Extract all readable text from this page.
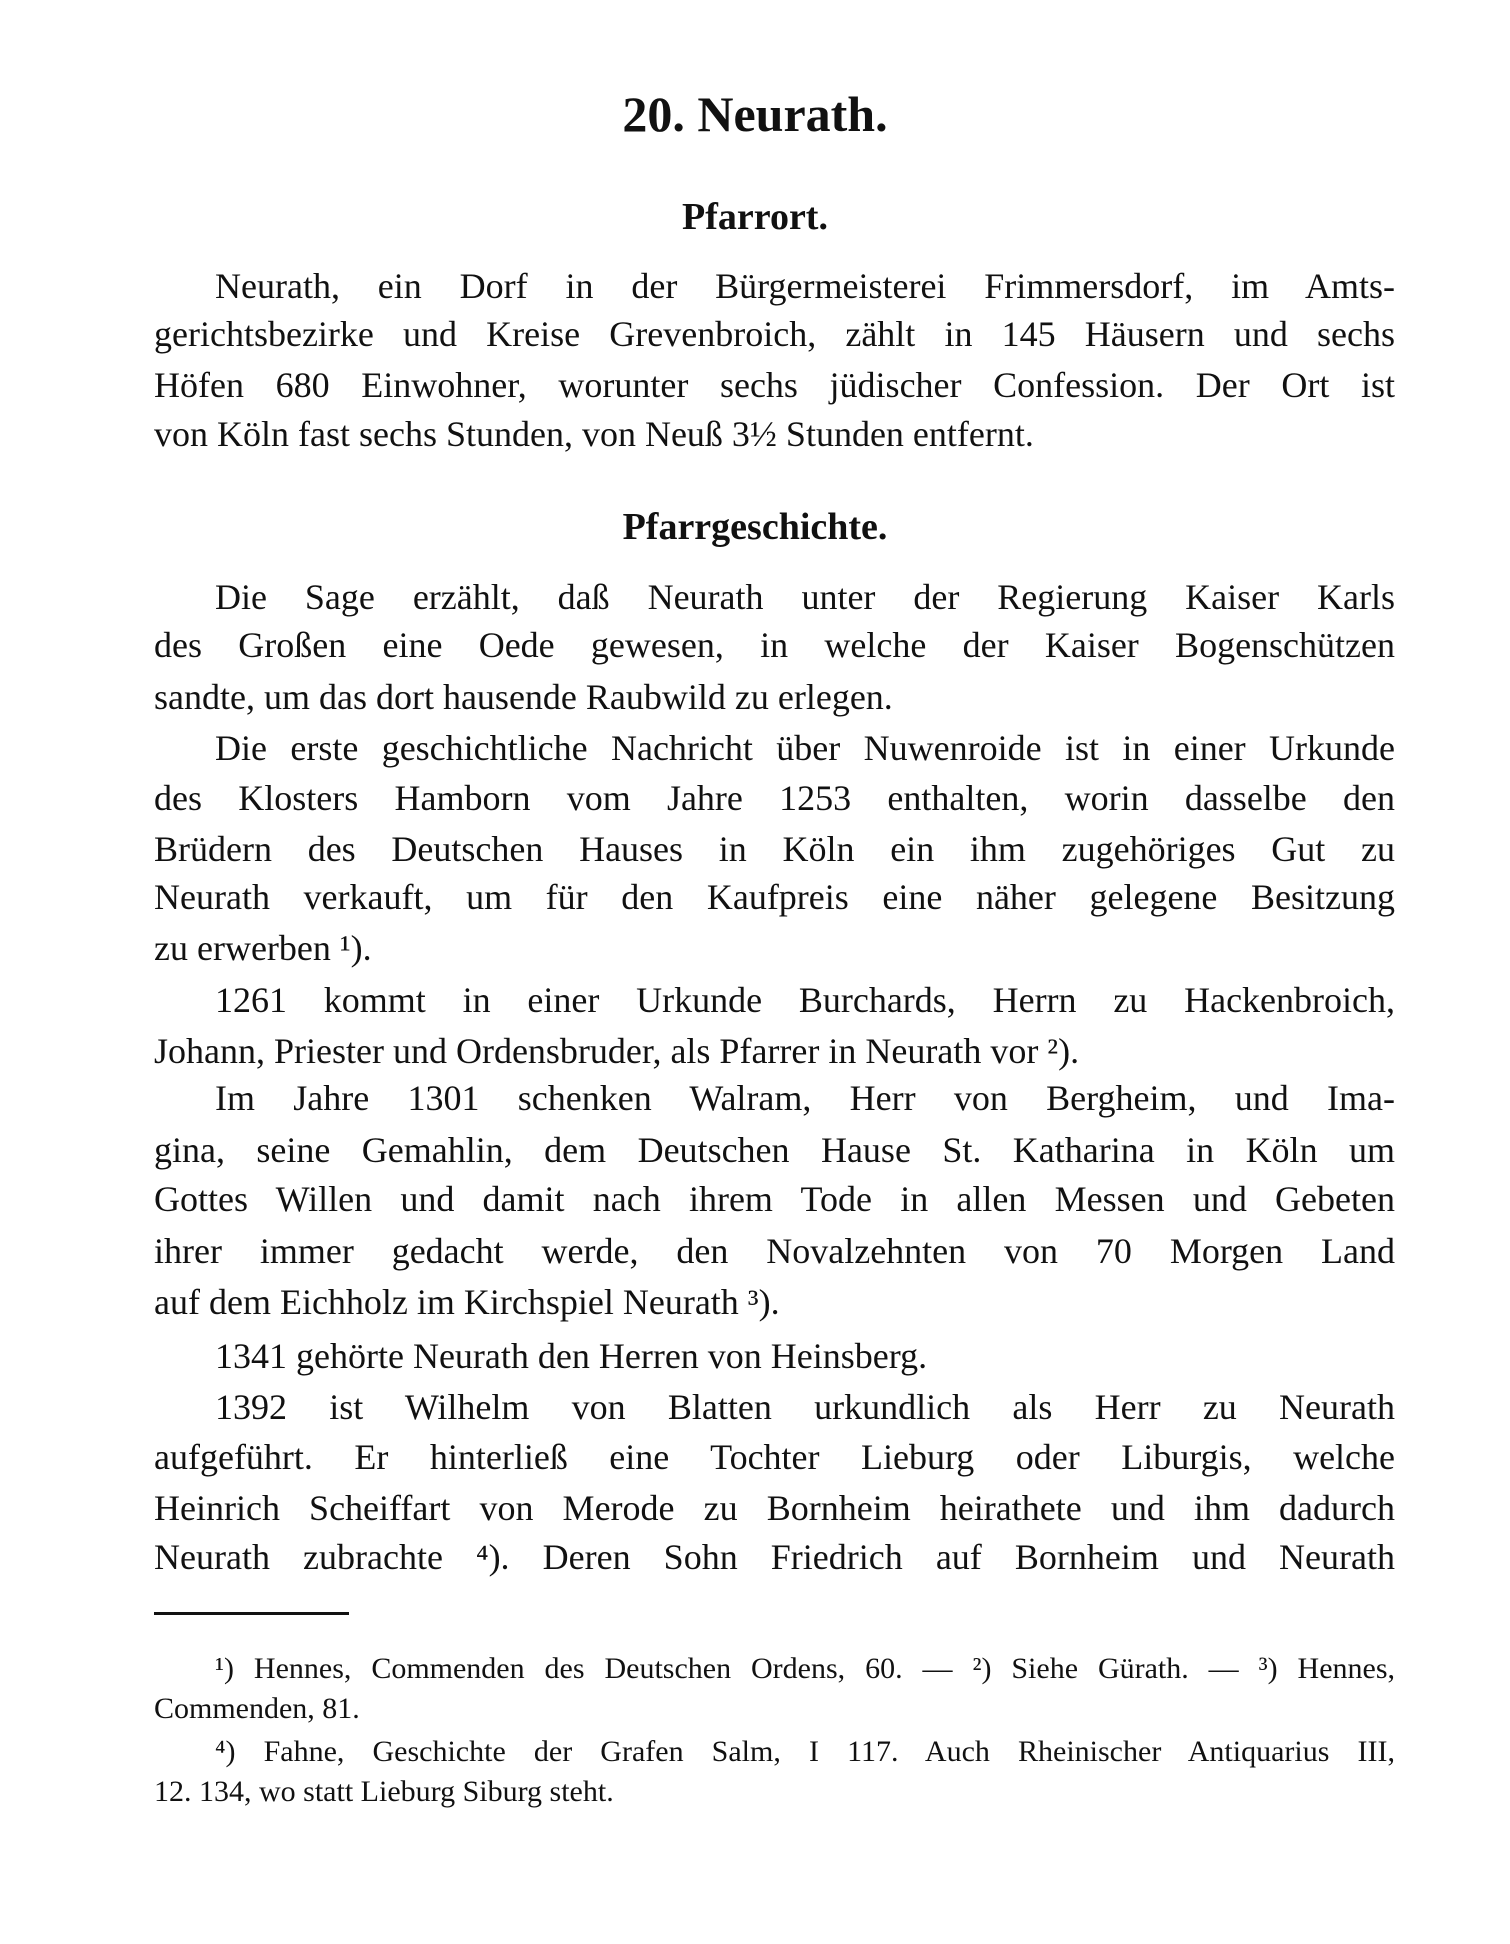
20. Neurath.
Pfarrort.
Pfarrgeschichte.
Neurath, ein Dorf in der Bürgermeisterei Frimmersdorf, im Amts-
gerichtsbezirke und Kreise Grevenbroich, zählt in 145 Häusern und sechs
Höfen 680 Einwohner, worunter sechs jüdischer Confession. Der Ort ist
von Köln fast sechs Stunden, von Neuß 3½ Stunden entfernt.
Die Sage erzählt, daß Neurath unter der Regierung Kaiser Karls
des Großen eine Oede gewesen, in welche der Kaiser Bogenschützen
sandte, um das dort hausende Raubwild zu erlegen.
Die erste geschichtliche Nachricht über Nuwenroide ist in einer Urkunde
des Klosters Hamborn vom Jahre 1253 enthalten, worin dasselbe den
Brüdern des Deutschen Hauses in Köln ein ihm zugehöriges Gut zu
Neurath verkauft, um für den Kaufpreis eine näher gelegene Besitzung
zu erwerben ¹).
1261 kommt in einer Urkunde Burchards, Herrn zu Hackenbroich,
Johann, Priester und Ordensbruder, als Pfarrer in Neurath vor ²).
Im Jahre 1301 schenken Walram, Herr von Bergheim, und Ima-
gina, seine Gemahlin, dem Deutschen Hause St. Katharina in Köln um
Gottes Willen und damit nach ihrem Tode in allen Messen und Gebeten
ihrer immer gedacht werde, den Novalzehnten von 70 Morgen Land
auf dem Eichholz im Kirchspiel Neurath ³).
1341 gehörte Neurath den Herren von Heinsberg.
1392 ist Wilhelm von Blatten urkundlich als Herr zu Neurath
aufgeführt. Er hinterließ eine Tochter Lieburg oder Liburgis, welche
Heinrich Scheiffart von Merode zu Bornheim heirathete und ihm dadurch
Neurath zubrachte ⁴). Deren Sohn Friedrich auf Bornheim und Neurath
¹) Hennes, Commenden des Deutschen Ordens, 60. — ²) Siehe Gürath. — ³) Hennes,
Commenden, 81.
⁴) Fahne, Geschichte der Grafen Salm, I 117. Auch Rheinischer Antiquarius III,
12. 134, wo statt Lieburg Siburg steht.
